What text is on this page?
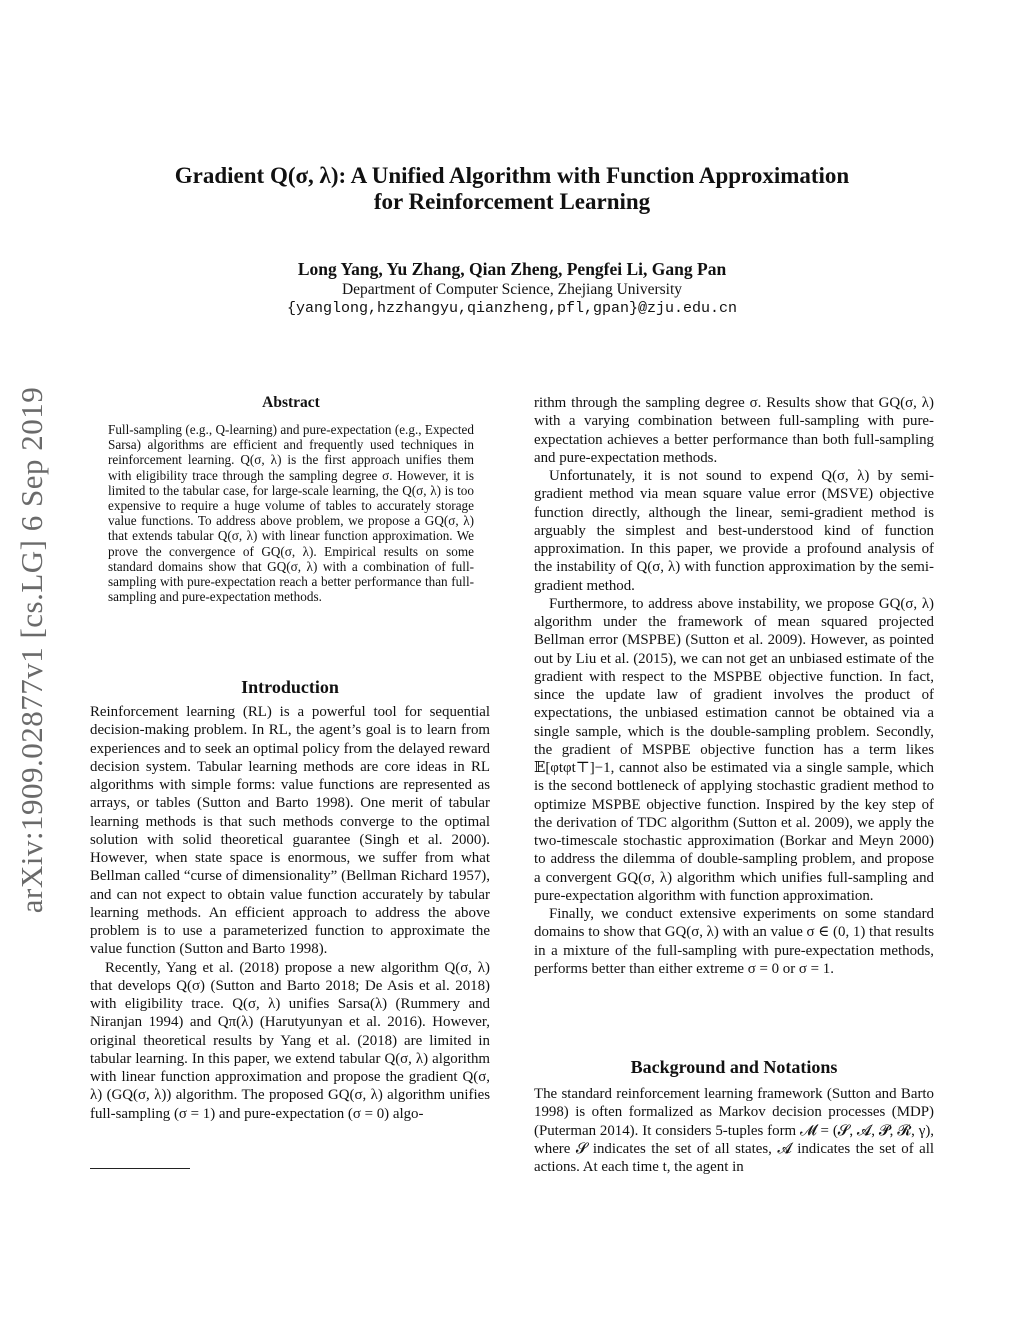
arXiv:1909.02877v1 [cs.LG] 6 Sep 2019
Gradient Q(σ, λ): A Unified Algorithm with Function Approximation
for Reinforcement Learning
Long Yang, Yu Zhang, Qian Zheng, Pengfei Li, Gang Pan
Department of Computer Science, Zhejiang University
{yanglong,hzzhangyu,qianzheng,pfl,gpan}@zju.edu.cn
Abstract
Full-sampling (e.g., Q-learning) and pure-expectation (e.g., Expected Sarsa) algorithms are efficient and frequently used techniques in reinforcement learning. Q(σ, λ) is the first approach unifies them with eligibility trace through the sampling degree σ. However, it is limited to the tabular case, for large-scale learning, the Q(σ, λ) is too expensive to require a huge volume of tables to accurately storage value functions. To address above problem, we propose a GQ(σ, λ) that extends tabular Q(σ, λ) with linear function approximation. We prove the convergence of GQ(σ, λ). Empirical results on some standard domains show that GQ(σ, λ) with a combination of full-sampling with pure-expectation reach a better performance than full-sampling and pure-expectation methods.
Introduction

Reinforcement learning (RL) is a powerful tool for sequential decision-making problem. In RL, the agent’s goal is to learn from experiences and to seek an optimal policy from the delayed reward decision system. Tabular learning methods are core ideas in RL algorithms with simple forms: value functions are represented as arrays, or tables (Sutton and Barto 1998). One merit of tabular learning methods is that such methods converge to the optimal solution with solid theoretical guarantee (Singh et al. 2000). However, when state space is enormous, we suffer from what Bellman called “curse of dimensionality” (Bellman Richard 1957), and can not expect to obtain value function accurately by tabular learning methods. An efficient approach to address the above problem is to use a parameterized function to approximate the value function (Sutton and Barto 1998).

Recently, Yang et al. (2018) propose a new algorithm Q(σ, λ) that develops Q(σ) (Sutton and Barto 2018; De Asis et al. 2018) with eligibility trace. Q(σ, λ) unifies Sarsa(λ) (Rummery and Niranjan 1994) and Qπ(λ) (Harutyunyan et al. 2016). However, original theoretical results by Yang et al. (2018) are limited in tabular learning. In this paper, we extend tabular Q(σ, λ) algorithm with linear function approximation and propose the gradient Q(σ, λ) (GQ(σ, λ)) algorithm. The proposed GQ(σ, λ) algorithm unifies full-sampling (σ = 1) and pure-expectation (σ = 0) algo-

rithm through the sampling degree σ. Results show that GQ(σ, λ) with a varying combination between full-sampling with pure-expectation achieves a better performance than both full-sampling and pure-expectation methods.

Unfortunately, it is not sound to expend Q(σ, λ) by semi-gradient method via mean square value error (MSVE) objective function directly, although the linear, semi-gradient method is arguably the simplest and best-understood kind of function approximation. In this paper, we provide a profound analysis of the instability of Q(σ, λ) with function approximation by the semi-gradient method.

Furthermore, to address above instability, we propose GQ(σ, λ) algorithm under the framework of mean squared projected Bellman error (MSPBE) (Sutton et al. 2009). However, as pointed out by Liu et al. (2015), we can not get an unbiased estimate of the gradient with respect to the MSPBE objective function. In fact, since the update law of gradient involves the product of expectations, the unbiased estimation cannot be obtained via a single sample, which is the double-sampling problem. Secondly, the gradient of MSPBE objective function has a term likes 𝔼[φtφt⊤]−1, cannot also be estimated via a single sample, which is the second bottleneck of applying stochastic gradient method to optimize MSPBE objective function. Inspired by the key step of the derivation of TDC algorithm (Sutton et al. 2009), we apply the two-timescale stochastic approximation (Borkar and Meyn 2000) to address the dilemma of double-sampling problem, and propose a convergent GQ(σ, λ) algorithm which unifies full-sampling and pure-expectation algorithm with function approximation.

Finally, we conduct extensive experiments on some standard domains to show that GQ(σ, λ) with an value σ ∈ (0, 1) that results in a mixture of the full-sampling with pure-expectation methods, performs better than either extreme σ = 0 or σ = 1.

Background and Notations
The standard reinforcement learning framework (Sutton and Barto 1998) is often formalized as Markov decision processes (MDP) (Puterman 2014). It considers 5-tuples form 𝓜 = (𝓢, 𝓐, 𝓟, 𝓡, γ), where 𝓢 indicates the set of all states, 𝓐 indicates the set of all actions. At each time t, the agent in
